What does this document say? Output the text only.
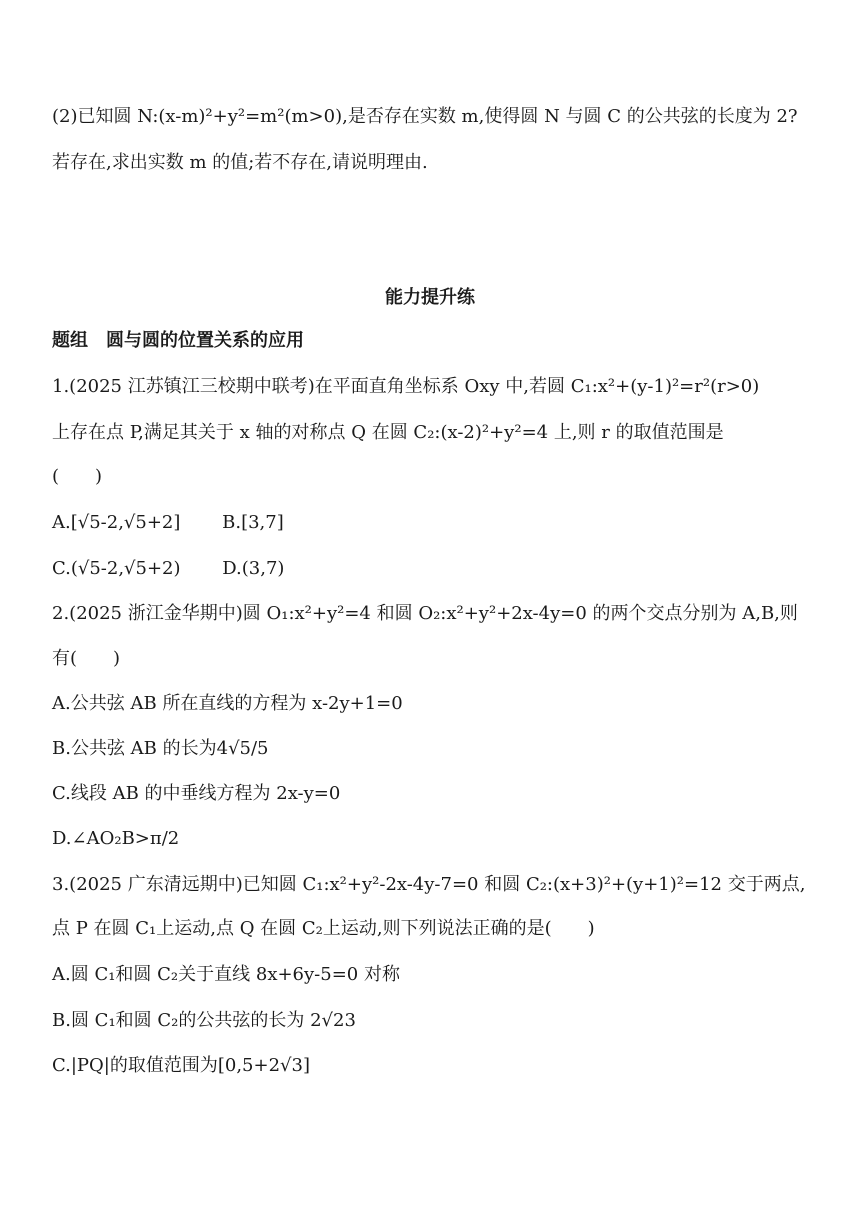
(2)已知圆 N:(x-m)²+y²=m²(m>0),是否存在实数 m,使得圆 N 与圆 C 的公共弦的长度为 2?
若存在,求出实数 m 的值;若不存在,请说明理由.
能力提升练
题组　圆与圆的位置关系的应用
1.(2025 江苏镇江三校期中联考)在平面直角坐标系 Oxy 中,若圆 C₁:x²+(y-1)²=r²(r>0)
上存在点 P,满足其关于 x 轴的对称点 Q 在圆 C₂:(x-2)²+y²=4 上,则 r 的取值范围是
(　　)
A.[√5-2,√5+2]　　 B.[3,7]
C.(√5-2,√5+2)　　 D.(3,7)
2.(2025 浙江金华期中)圆 O₁:x²+y²=4 和圆 O₂:x²+y²+2x-4y=0 的两个交点分别为 A,B,则
有(　　)
A.公共弦 AB 所在直线的方程为 x-2y+1=0
B.公共弦 AB 的长为4√5/5
C.线段 AB 的中垂线方程为 2x-y=0
D.∠AO₂B>π/2
3.(2025 广东清远期中)已知圆 C₁:x²+y²-2x-4y-7=0 和圆 C₂:(x+3)²+(y+1)²=12 交于两点,
点 P 在圆 C₁上运动,点 Q 在圆 C₂上运动,则下列说法正确的是(　　)
A.圆 C₁和圆 C₂关于直线 8x+6y-5=0 对称
B.圆 C₁和圆 C₂的公共弦的长为 2√23
C.|PQ|的取值范围为[0,5+2√3]
